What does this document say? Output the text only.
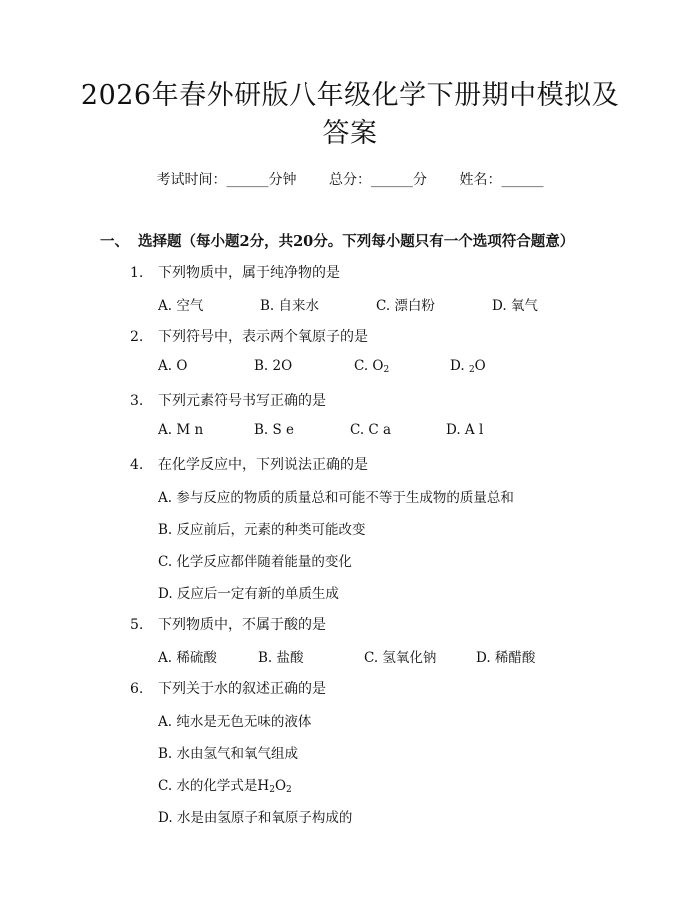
2026年春外研版八年级化学下册期中模拟及
答案
考试时间：______分钟 总分：______分 姓名：______
一、 选择题（每小题2分，共20分。下列每小题只有一个选项符合题意）
1. 下列物质中，属于纯净物的是
A. 空气	B. 自来水	C. 漂白粉	D. 氧气
2. 下列符号中，表示两个氧原子的是
A. O	B. 2O	C. $O_2$	D. $_2$O
3. 下列元素符号书写正确的是
A. M n	B. S e	C. C a	D. A l
4. 在化学反应中，下列说法正确的是
A. 参与反应的物质的质量总和可能不等于生成物的质量总和
B. 反应前后，元素的种类可能改变
C. 化学反应都伴随着能量的变化
D. 反应后一定有新的单质生成
5. 下列物质中，不属于酸的是
A. 稀硫酸	B. 盐酸	C. 氢氧化钠	D. 稀醋酸
6. 下列关于水的叙述正确的是
A. 纯水是无色无味的液体
B. 水由氢气和氧气组成
C. 水的化学式是$H_2O_2$
D. 水是由氢原子和氧原子构成的
